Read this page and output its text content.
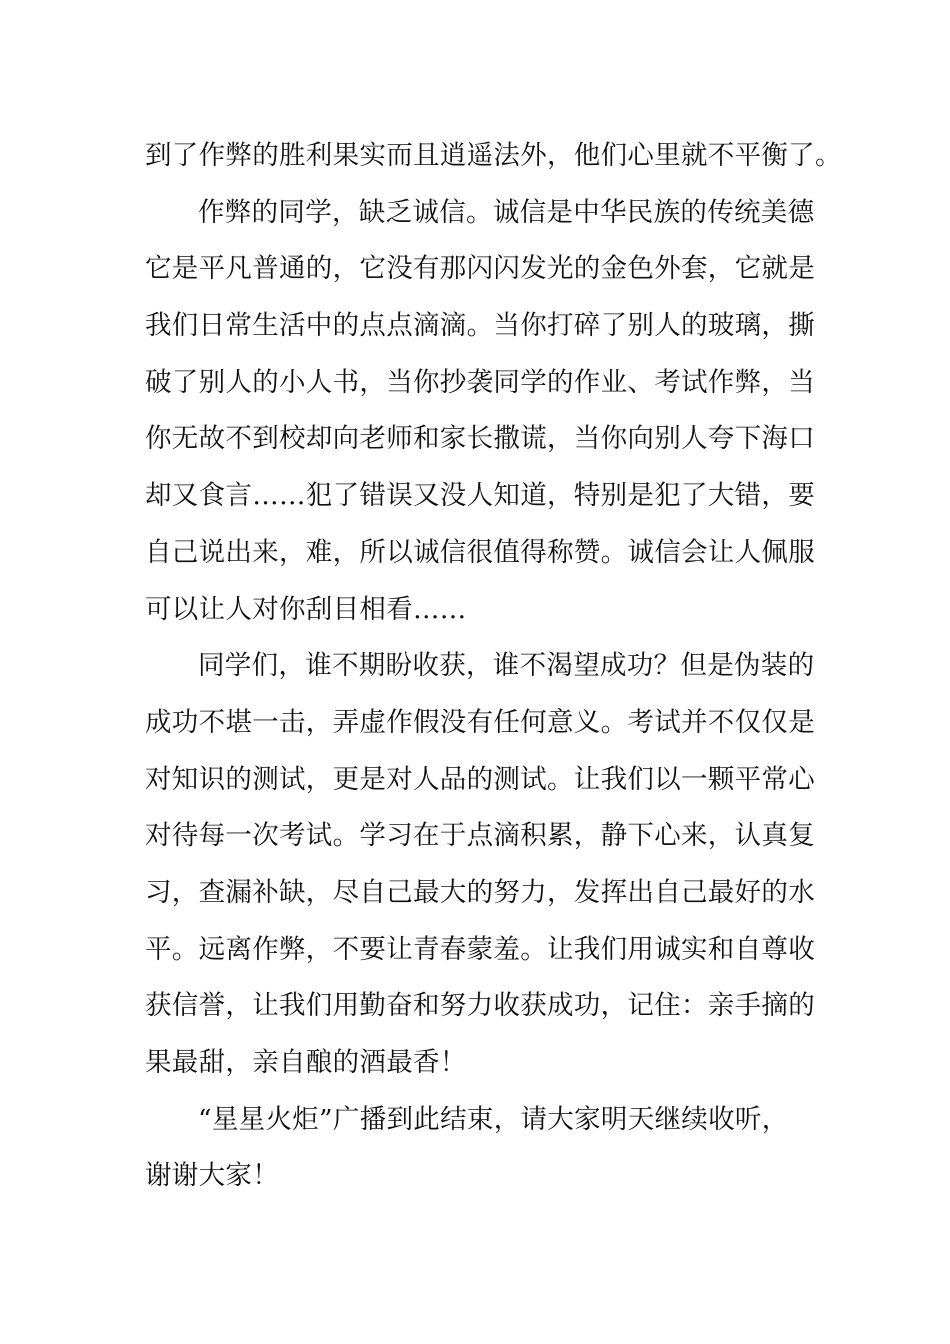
到了作弊的胜利果实而且逍遥法外，他们心里就不平衡了。
作弊的同学，缺乏诚信。诚信是中华民族的传统美德
它是平凡普通的，它没有那闪闪发光的金色外套，它就是
我们日常生活中的点点滴滴。当你打碎了别人的玻璃，撕
破了别人的小人书，当你抄袭同学的作业、考试作弊，当
你无故不到校却向老师和家长撒谎，当你向别人夸下海口
却又食言……犯了错误又没人知道，特别是犯了大错，要
自己说出来，难，所以诚信很值得称赞。诚信会让人佩服
可以让人对你刮目相看……
同学们，谁不期盼收获，谁不渴望成功？但是伪装的
成功不堪一击，弄虚作假没有任何意义。考试并不仅仅是
对知识的测试，更是对人品的测试。让我们以一颗平常心
对待每一次考试。学习在于点滴积累，静下心来，认真复
习，查漏补缺，尽自己最大的努力，发挥出自己最好的水
平。远离作弊，不要让青春蒙羞。让我们用诚实和自尊收
获信誉，让我们用勤奋和努力收获成功，记住：亲手摘的
果最甜，亲自酿的酒最香！
“星星火炬”广播到此结束，请大家明天继续收听，
谢谢大家！
